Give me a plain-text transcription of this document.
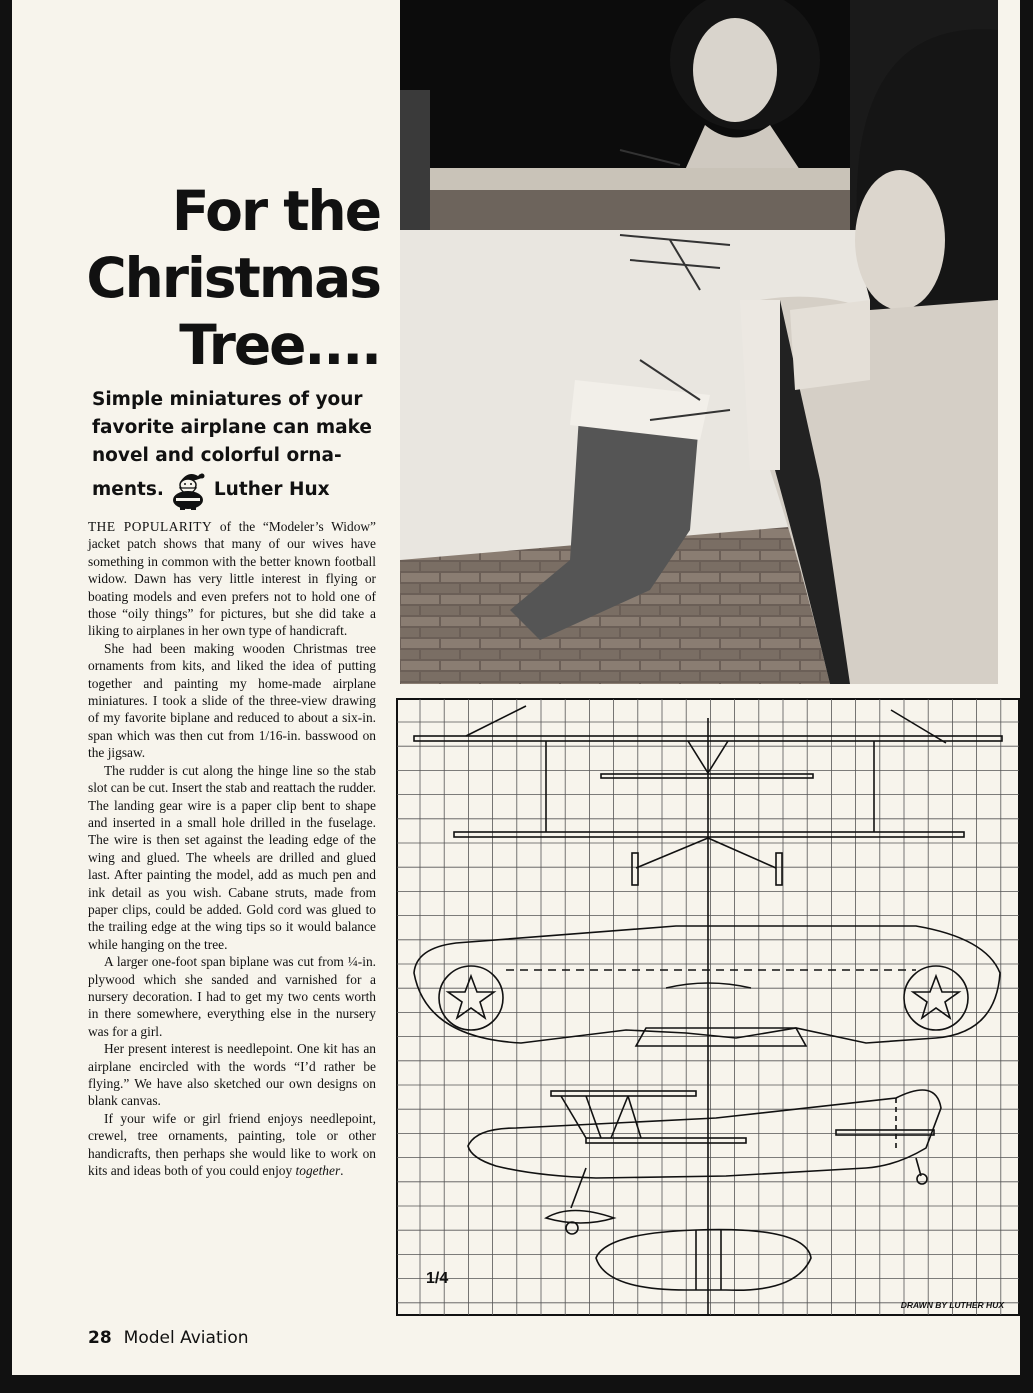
For the
Christmas
Tree....
Simple miniatures of your
favorite airplane can make
novel and colorful orna-
ments.	Luther Hux

THE POPULARITY of the “Modeler’s Widow” jacket patch shows that many of our wives have something in common with the better known football widow. Dawn has very little interest in flying or boating models and even prefers not to hold one of those “oily things” for pictures, but she did take a liking to airplanes in her own type of handicraft.

She had been making wooden Christmas tree ornaments from kits, and liked the idea of putting together and painting my home-made airplane miniatures. I took a slide of the three-view drawing of my favorite biplane and reduced to about a six-in. span which was then cut from 1/16-in. basswood on the jigsaw.

The rudder is cut along the hinge line so the stab slot can be cut. Insert the stab and reattach the rudder. The landing gear wire is a paper clip bent to shape and inserted in a small hole drilled in the fuselage. The wire is then set against the leading edge of the wing and glued. The wheels are drilled and glued last. After painting the model, add as much pen and ink detail as you wish. Cabane struts, made from paper clips, could be added. Gold cord was glued to the trailing edge at the wing tips so it would balance while hanging on the tree.

A larger one-foot span biplane was cut from ¼-in. plywood which she sanded and varnished for a nursery decoration. I had to get my two cents worth in there somewhere, everything else in the nursery was for a girl.

Her present interest is needlepoint. One kit has an airplane encircled with the words “I’d rather be flying.” We have also sketched our own designs on blank canvas.

If your wife or girl friend enjoys needlepoint, crewel, tree ornaments, painting, tole or other handicrafts, then perhaps she would like to work on kits and ideas both of you could enjoy together.

28 Model Aviation
1/4
DRAWN BY LUTHER HUX
